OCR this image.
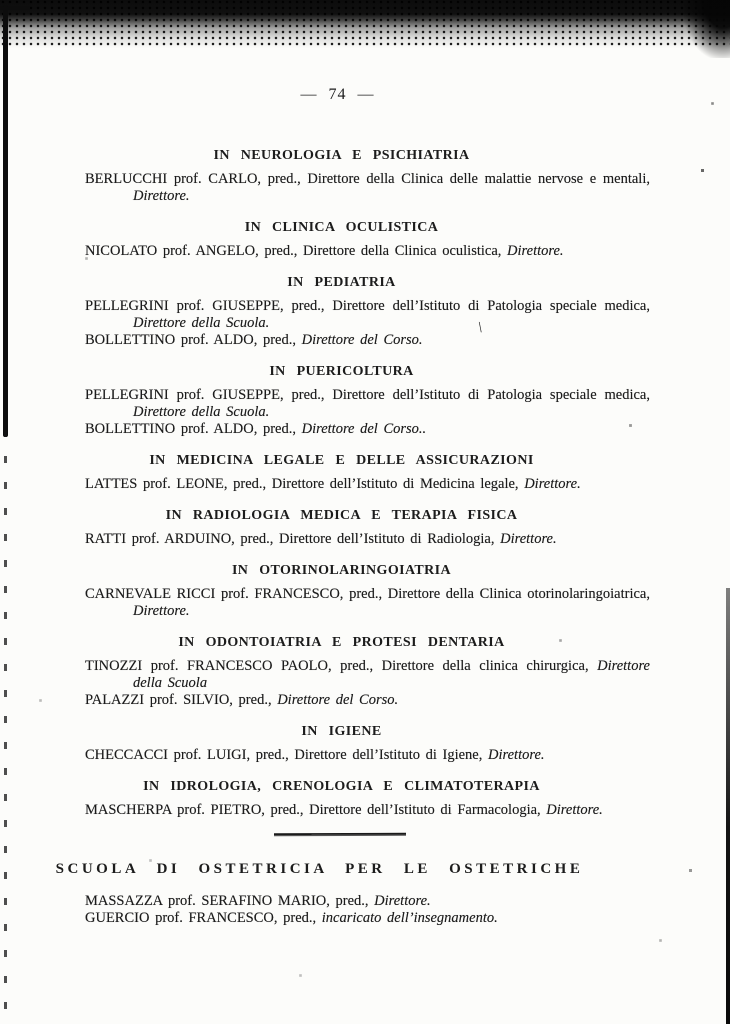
\
— 74 —
IN NEUROLOGIA E PSICHIATRIA

BERLUCCHI prof. CARLO, pred., Direttore della Clinica delle malattie nervose e mentali,

Direttore.

IN CLINICA OCULISTICA

NICOLATO prof. ANGELO, pred., Direttore della Clinica oculistica, Direttore.

IN PEDIATRIA

PELLEGRINI prof. GIUSEPPE, pred., Direttore dell’Istituto di Patologia speciale medica,

Direttore della Scuola.

BOLLETTINO prof. ALDO, pred., Direttore del Corso.

IN PUERICOLTURA

PELLEGRINI prof. GIUSEPPE, pred., Direttore dell’Istituto di Patologia speciale medica,

Direttore della Scuola.

BOLLETTINO prof. ALDO, pred., Direttore del Corso..

IN MEDICINA LEGALE E DELLE ASSICURAZIONI

LATTES prof. LEONE, pred., Direttore dell’Istituto di Medicina legale, Direttore.

IN RADIOLOGIA MEDICA E TERAPIA FISICA

RATTI prof. ARDUINO, pred., Direttore dell’Istituto di Radiologia, Direttore.

IN OTORINOLARINGOIATRIA

CARNEVALE RICCI prof. FRANCESCO, pred., Direttore della Clinica otorinolaringoiatrica,

Direttore.

IN ODONTOIATRIA E PROTESI DENTARIA

TINOZZI prof. FRANCESCO PAOLO, pred., Direttore della clinica chirurgica, Direttore

della Scuola

PALAZZI prof. SILVIO, pred., Direttore del Corso.

IN IGIENE

CHECCACCI prof. LUIGI, pred., Direttore dell’Istituto di Igiene, Direttore.

IN IDROLOGIA, CRENOLOGIA E CLIMATOTERAPIA

MASCHERPA prof. PIETRO, pred., Direttore dell’Istituto di Farmacologia, Direttore.

SCUOLA DI OSTETRICIA PER LE OSTETRICHE

MASSAZZA prof. SERAFINO MARIO, pred., Direttore.

GUERCIO prof. FRANCESCO, pred., incaricato dell’insegnamento.
